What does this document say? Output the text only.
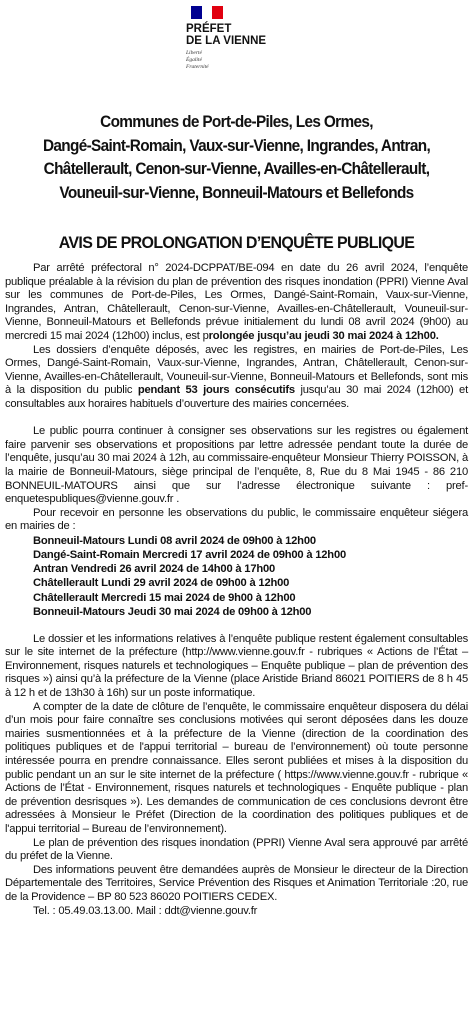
PRÉFET
DE LA VIENNE
Liberté
Égalité
Fraternité
Communes de Port-de-Piles, Les Ormes,
Dangé-Saint-Romain, Vaux-sur-Vienne, Ingrandes, Antran,
Châtellerault, Cenon-sur-Vienne, Availles-en-Châtellerault,
Vouneuil-sur-Vienne, Bonneuil-Matours et Bellefonds
AVIS DE PROLONGATION D’ENQUÊTE PUBLIQUE

Par arrêté préfectoral n° 2024-DCPPAT/BE-094 en date du 26 avril 2024, l’enquête publique préalable à la révision du plan de prévention des risques inondation (PPRI) Vienne Aval sur les communes de Port-de-Piles, Les Ormes, Dangé-Saint-Romain, Vaux-sur-Vienne, Ingrandes, Antran, Châtellerault, Cenon-sur-Vienne, Availles-en-Châtellerault, Vouneuil-sur-Vienne, Bonneuil-Matours et Bellefonds prévue initialement du lundi 08 avril 2024 (9h00) au mercredi 15 mai 2024 (12h00) inclus, est prolongée jusqu’au jeudi 30 mai 2024 à 12h00.

Les dossiers d’enquête déposés, avec les registres, en mairies de Port-de-Piles, Les Ormes, Dangé-Saint-Romain, Vaux-sur-Vienne, Ingrandes, Antran, Châtellerault, Cenon-sur-Vienne, Availles-en-Châtellerault, Vouneuil-sur-Vienne, Bonneuil-Matours et Bellefonds, sont mis à la disposition du public pendant 53 jours consécutifs jusqu’au 30 mai 2024 (12h00) et consultables aux horaires habituels d’ouverture des mairies concernées.

Le public pourra continuer à consigner ses observations sur les registres ou également faire parvenir ses observations et propositions par lettre adressée pendant toute la durée de l’enquête, jusqu’au 30 mai 2024 à 12h, au commissaire-enquêteur Monsieur Thierry POISSON, à la mairie de Bonneuil-Matours, siège principal de l’enquête, 8, Rue du 8 Mai 1945 - 86 210 BONNEUIL-MATOURS ainsi que sur l’adresse électronique suivante : pref-enquetespubliques@vienne.gouv.fr .

Pour recevoir en personne les observations du public, le commissaire enquêteur siégera en mairies de :

Bonneuil-Matours Lundi 08 avril 2024 de 09h00 à 12h00
Dangé-Saint-Romain Mercredi 17 avril 2024 de 09h00 à 12h00
Antran Vendredi 26 avril 2024 de 14h00 à 17h00
Châtellerault Lundi 29 avril 2024 de 09h00 à 12h00
Châtellerault Mercredi 15 mai 2024 de 9h00 à 12h00
Bonneuil-Matours Jeudi 30 mai 2024 de 09h00 à 12h00

Le dossier et les informations relatives à l’enquête publique restent également consultables sur le site internet de la préfecture (http://www.vienne.gouv.fr - rubriques « Actions de l’État – Environnement, risques naturels et technologiques – Enquête publique – plan de prévention des risques ») ainsi qu’à la préfecture de la Vienne (place Aristide Briand 86021 POITIERS de 8 h 45 à 12 h et de 13h30 à 16h) sur un poste informatique.

A compter de la date de clôture de l’enquête, le commissaire enquêteur disposera du délai d’un mois pour faire connaître ses conclusions motivées qui seront déposées dans les douze mairies susmentionnées et à la préfecture de la Vienne (direction de la coordination des politiques publiques et de l'appui territorial – bureau de l’environnement) où toute personne intéressée pourra en prendre connaissance. Elles seront publiées et mises à la disposition du public pendant un an sur le site internet de la préfecture ( https://www.vienne.gouv.fr - rubrique « Actions de l’État - Environnement, risques naturels et technologiques - Enquête publique - plan de prévention desrisques »). Les demandes de communication de ces conclusions devront être adressées à Monsieur le Préfet (Direction de la coordination des politiques publiques et de l'appui territorial – Bureau de l’environnement).

Le plan de prévention des risques inondation (PPRI) Vienne Aval sera approuvé par arrêté du préfet de la Vienne.

Des informations peuvent être demandées auprès de Monsieur le directeur de la Direction Départementale des Territoires, Service Prévention des Risques et Animation Territoriale :20, rue de la Providence – BP 80 523 86020 POITIERS CEDEX.

Tel. : 05.49.03.13.00. Mail : ddt@vienne.gouv.fr
